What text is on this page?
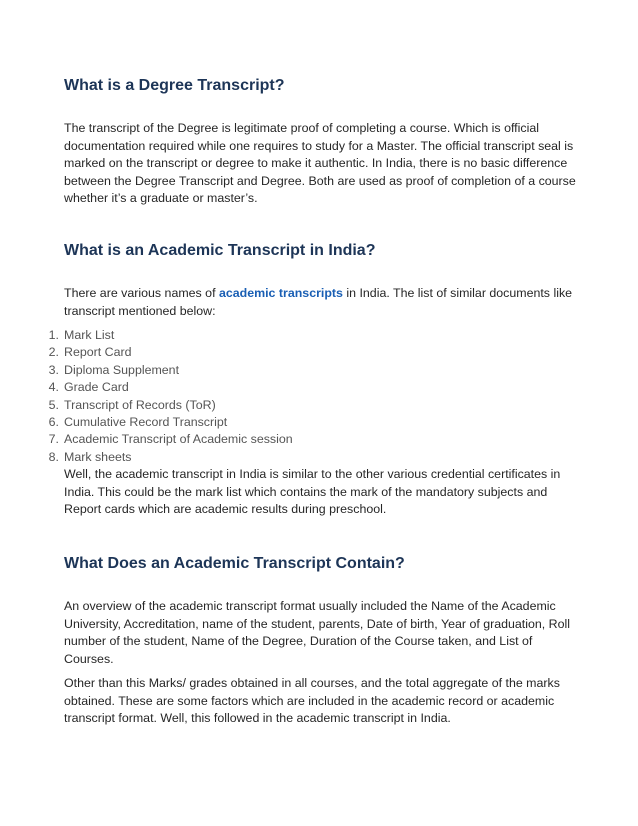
What is a Degree Transcript?

The transcript of the Degree is legitimate proof of completing a course. Which is official documentation required while one requires to study for a Master. The official transcript seal is marked on the transcript or degree to make it authentic. In India, there is no basic difference between the Degree Transcript and Degree. Both are used as proof of completion of a course whether it’s a graduate or master’s.

What is an Academic Transcript in India?

There are various names of academic transcripts in India. The list of similar documents like transcript mentioned below:

1. Mark List
2. Report Card
3. Diploma Supplement
4. Grade Card
5. Transcript of Records (ToR)
6. Cumulative Record Transcript
7. Academic Transcript of Academic session
8. Mark sheets

Well, the academic transcript in India is similar to the other various credential certificates in India. This could be the mark list which contains the mark of the mandatory subjects and Report cards which are academic results during preschool.

What Does an Academic Transcript Contain?

An overview of the academic transcript format usually included the Name of the Academic University, Accreditation, name of the student, parents, Date of birth, Year of graduation, Roll number of the student, Name of the Degree, Duration of the Course taken, and List of Courses.

Other than this Marks/ grades obtained in all courses, and the total aggregate of the marks obtained. These are some factors which are included in the academic record or academic transcript format. Well, this followed in the academic transcript in India.
